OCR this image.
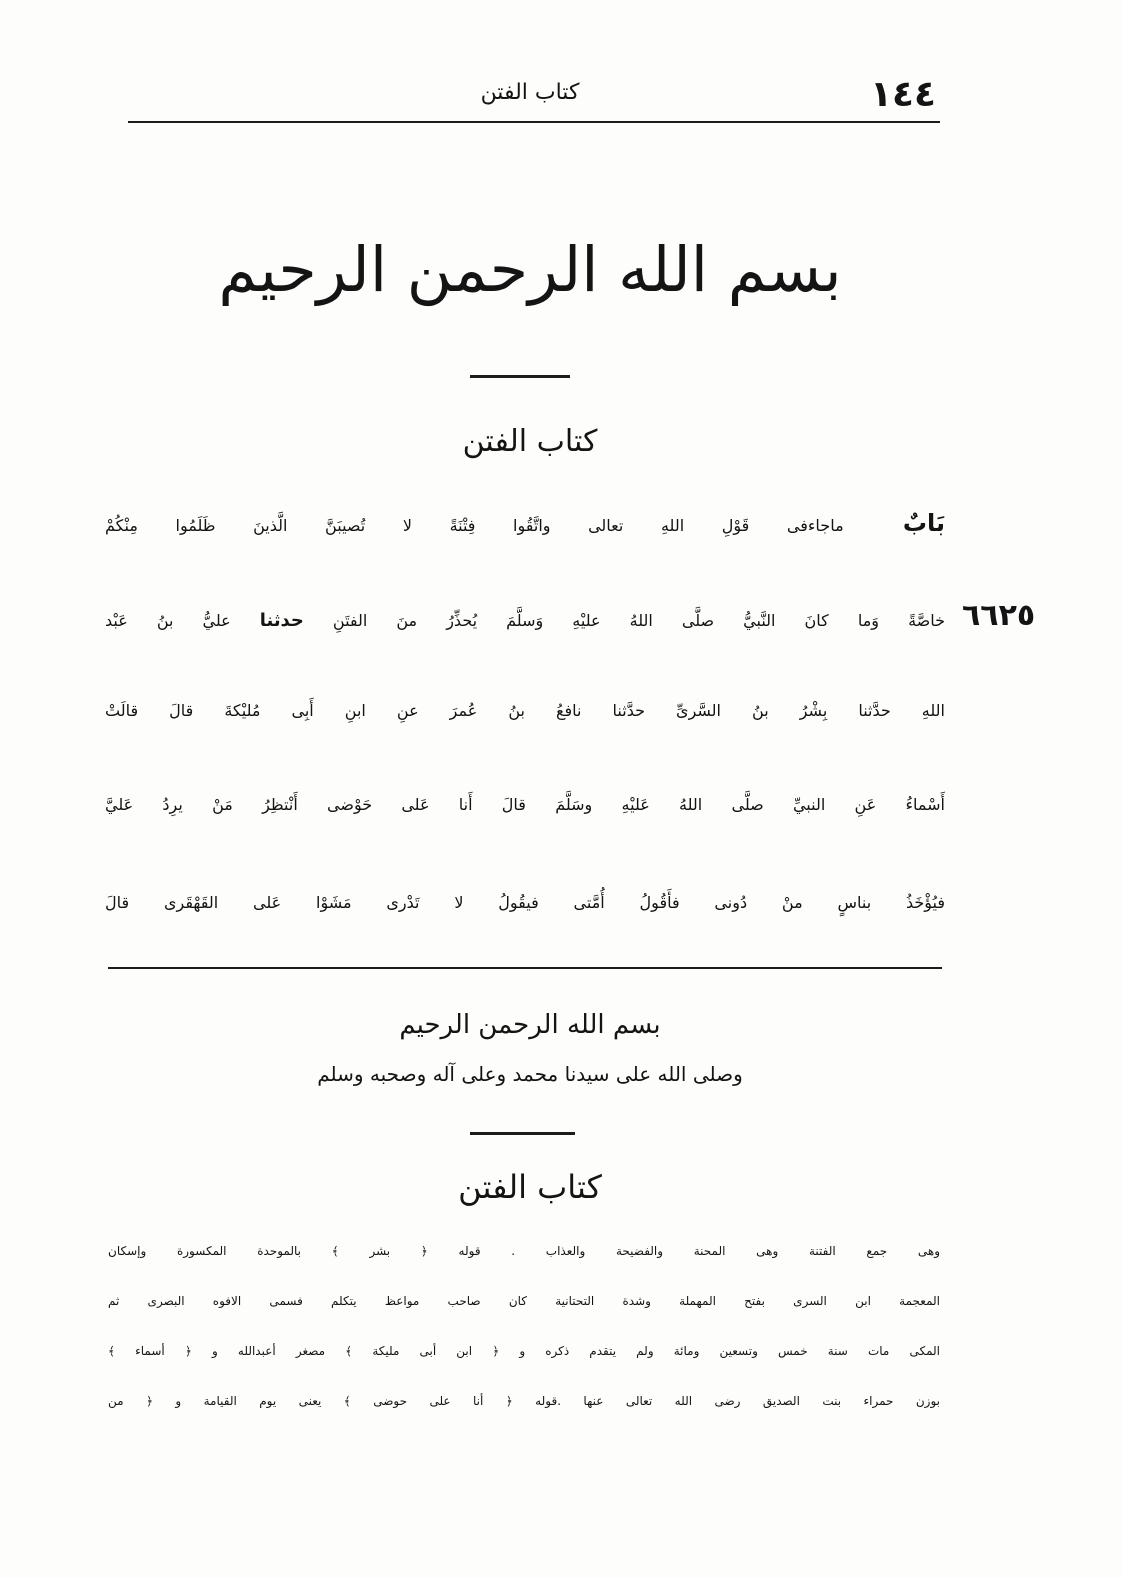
١٤٤
كتاب الفتن
بسم الله الرحمن الرحيم
كتاب الفتن
بَابٌ ماجاءفى قَوْلِ اللهِ تعالى واتَّقُوا فِتْنَةً لا تُصيبَنَّ الَّذينَ ظَلَمُوا مِنْكُمْ
٦٦٢٥
خاصَّةً وَما كانَ النَّبيُّ صلَّى اللهُ عليْهِ وَسلَّمَ يُحذِّرُ منَ الفتَنِ حدثنا عليُّ بنُ عَبْد
اللهِ حدَّثنا بِشْرُ بنُ السَّرىِّ حدَّثنا نافعُ بنُ عُمرَ عنِ ابنِ أَبِى مُليْكةَ قالَ قالَتْ
أَسْماءُ عَنِ النبيِّ صلَّى اللهُ عَليْهِ وسَلَّمَ قالَ أَنا عَلى حَوْضى أَنْتظِرُ مَنْ يرِدُ عَليَّ
فيُؤْخَذُ بناسٍ منْ دُونى فأَقُولُ أُمَّتى فيقُولُ لا تَدْرى مَشَوْا عَلى القَهْقَرى قالَ
بسم الله الرحمن الرحيم
وصلى الله على سيدنا محمد وعلى آله وصحبه وسلم
كتاب الفتن
وهى جمع الفتنة وهى المحنة والفضيحة والعذاب . قوله ﴿ بشر ﴾ بالموحدة المكسورة وإسكان
المعجمة ابن السرى بفتح المهملة وشدة التحتانية كان صاحب مواعظ يتكلم فسمى الافوه البصرى ثم
المكى مات سنة خمس وتسعين ومائة ولم يتقدم ذكره و ﴿ ابن أبى مليكة ﴾ مصغر أعبدالله و ﴿ أسماء ﴾
بوزن حمراء بنت الصديق رضى الله تعالى عنها .قوله ﴿ أنا على حوضى ﴾ يعنى يوم القيامة و ﴿ من
